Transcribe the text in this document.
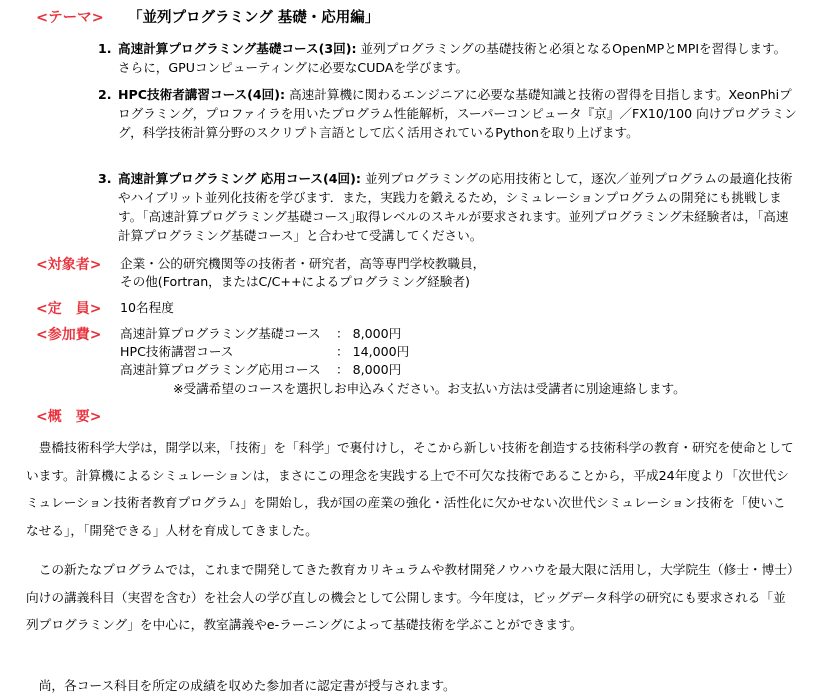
<テーマ> 「並列プログラミング 基礎・応用編」
1. 高速計算プログラミング基礎コース(3回): 並列プログラミングの基礎技術と必須となるOpenMPとMPIを習得します。さらに，GPUコンピューティングに必要なCUDAを学びます。
2. HPC技術者講習コース(4回): 高速計算機に関わるエンジニアに必要な基礎知識と技術の習得を目指します。XeonPhiプログラミング，プロファイラを用いたプログラム性能解析，スーパーコンピュータ『京』／FX10/100 向けプログラミング，科学技術計算分野のスクリプト言語として広く活用されているPythonを取り上げます。
3. 高速計算プログラミング 応用コース(4回): 並列プログラミングの応用技術として，逐次／並列プログラムの最適化技術やハイブリット並列化技術を学びます．また，実践力を鍛えるため，シミュレーションプログラムの開発にも挑戦します。｢高速計算プログラミング基礎コース｣取得レベルのスキルが要求されます。並列プログラミング未経験者は，「高速計算プログラミング基礎コース」と合わせて受講してください。
<対象者> 企業・公的研究機関等の技術者・研究者，高等専門学校教職員，
その他(Fortran，またはC/C++によるプログラミング経験者)
<定　員> 10名程度
<参加費> 高速計算プログラミング基礎コース ： 8,000円
HPC技術講習コース	： 14,000円
高速計算プログラミング応用コース ： 8,000円
※受講希望のコースを選択しお申込みください。お支払い方法は受講者に別途連絡します。
<概　要>

豊橋技術科学大学は，開学以来，「技術」を「科学」で裏付けし，そこから新しい技術を創造する技術科学の教育・研究を使命としています。計算機によるシミュレーションは，まさにこの理念を実践する上で不可欠な技術であることから，平成24年度より「次世代シミュレーション技術者教育プログラム」を開始し，我が国の産業の強化・活性化に欠かせない次世代シミュレーション技術を「使いこなせる」，「開発できる」人材を育成してきました。

この新たなプログラムでは，これまで開発してきた教育カリキュラムや教材開発ノウハウを最大限に活用し，大学院生（修士・博士）向けの講義科目（実習を含む）を社会人の学び直しの機会として公開します。今年度は，ビッグデータ科学の研究にも要求される「並列プログラミング」を中心に，教室講義やe-ラーニングによって基礎技術を学ぶことができます。

尚，各コース科目を所定の成績を収めた参加者に認定書が授与されます。
